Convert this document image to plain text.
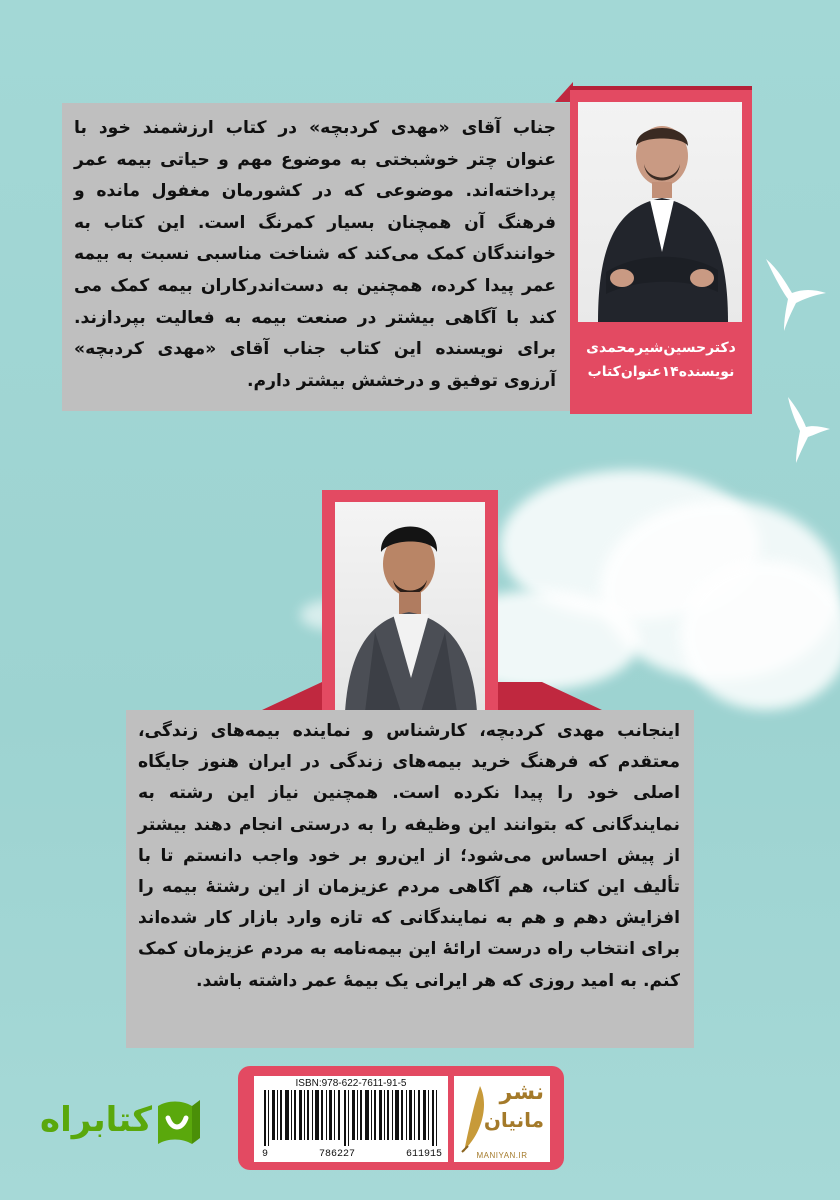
جناب آقای «مهدی کردبچه» در کتاب ارزشمند خود با عنوان چتر خوشبختی به موضوع مهم و حیاتی بیمه عمر پرداخته‌اند. موضوعی که در کشورمان مغفول مانده و فرهنگ آن همچنان بسیار کمرنگ است. این کتاب به خوانندگان کمک می‌کند که شناخت مناسبی نسبت به بیمه عمر پیدا کرده، همچنین به دست‌اندرکاران بیمه کمک می کند با آگاهی بیشتر در صنعت بیمه به فعالیت بپردازند. برای نویسنده این کتاب جناب آقای «مهدی کردبچه» آرزوی توفیق و درخشش بیشتر دارم.
دکترحسین‌شیرمحمدی
نویسنده۱۴عنوان‌کتاب
اینجانب مهدی کردبچه، کارشناس و نماینده بیمه‌های زندگی، معتقدم که فرهنگ خرید بیمه‌های زندگی در ایران هنوز جایگاه اصلی خود را پیدا نکرده است. همچنین نیاز این رشته به نمایندگانی که بتوانند این وظیفه را به درستی انجام دهند بیشتر از پیش احساس می‌شود؛ از این‌رو بر خود واجب دانستم تا با تألیف این کتاب، هم آگاهی مردم عزیزمان از این رشتهٔ بیمه را افزایش دهم و هم به نمایندگانی که تازه وارد بازار کار شده‌اند برای انتخاب راه درست ارائهٔ این بیمه‌نامه به مردم عزیزمان کمک کنم. به امید روزی که هر ایرانی یک بیمهٔ عمر داشته باشد.
ISBN:978-622-7611-91-5
9	786227	611915
نشر
مانیان
MANIYAN.IR
کتابراه
